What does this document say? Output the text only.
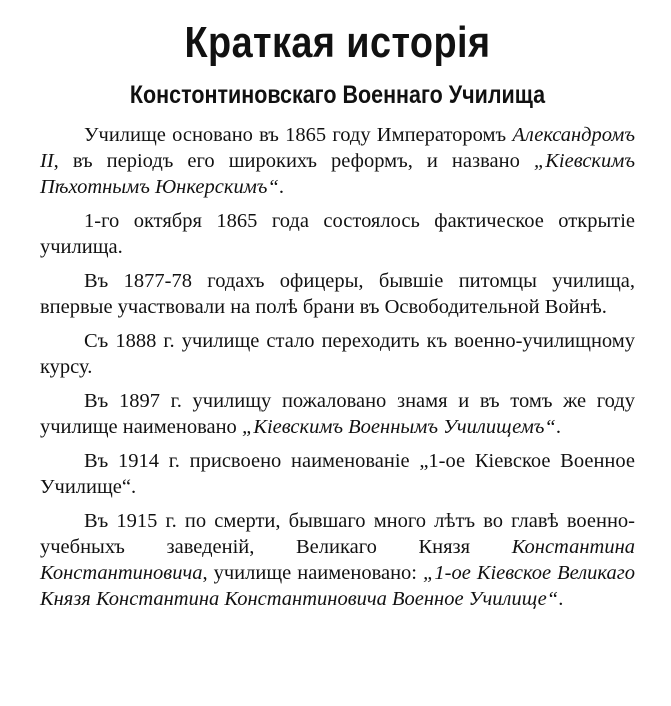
Краткая исторія
Констонтиновскаго Военнаго Училища

Училище основано въ 1865 году Императоромъ Александромъ II, въ періодъ его широкихъ реформъ, и названо „Кіевскимъ Пѣхотнымъ Юнкерскимъ“.

1-го октября 1865 года состоялось фактическое открытіе училища.

Въ 1877-78 годахъ офицеры, бывшіе питомцы училища, впервые участвовали на полѣ брани въ Освободительной Войнѣ.

Съ 1888 г. училище стало переходить къ военно-училищному курсу.

Въ 1897 г. училищу пожаловано знамя и въ томъ же году училище наименовано „Кіевскимъ Военнымъ Училищемъ“.

Въ 1914 г. присвоено наименованіе „1-ое Кіевское Военное Училище“.

Въ 1915 г. по смерти, бывшаго много лѣтъ во главѣ военно-учебныхъ заведеній, Великаго Князя Константина Константиновича, училище наименовано: „1-ое Кіевское Великаго Князя Константина Константиновича Военное Училище“.
